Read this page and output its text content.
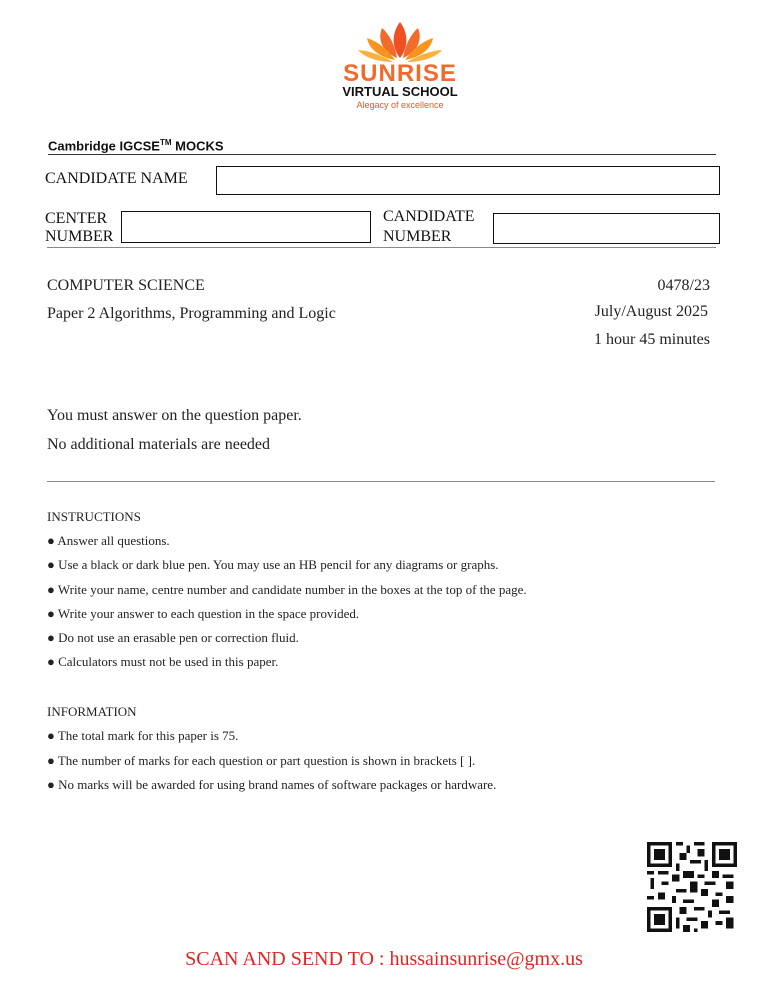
SUNRISE
VIRTUAL SCHOOL
Alegacy of excellence
Cambridge IGCSE™ MOCKS
CANDIDATE NAME
CENTER
NUMBER
CANDIDATE
NUMBER
COMPUTER SCIENCE	0478/23
Paper 2 Algorithms, Programming and Logic	July/August 2025
1 hour 45 minutes
You must answer on the question paper.
No additional materials are needed
INSTRUCTIONS
● Answer all questions.
● Use a black or dark blue pen. You may use an HB pencil for any diagrams or graphs.
● Write your name, centre number and candidate number in the boxes at the top of the page.
● Write your answer to each question in the space provided.
● Do not use an erasable pen or correction fluid.
● Calculators must not be used in this paper.
INFORMATION
● The total mark for this paper is 75.
● The number of marks for each question or part question is shown in brackets [ ].
● No marks will be awarded for using brand names of software packages or hardware.
SCAN AND SEND TO : hussainsunrise@gmx.us
